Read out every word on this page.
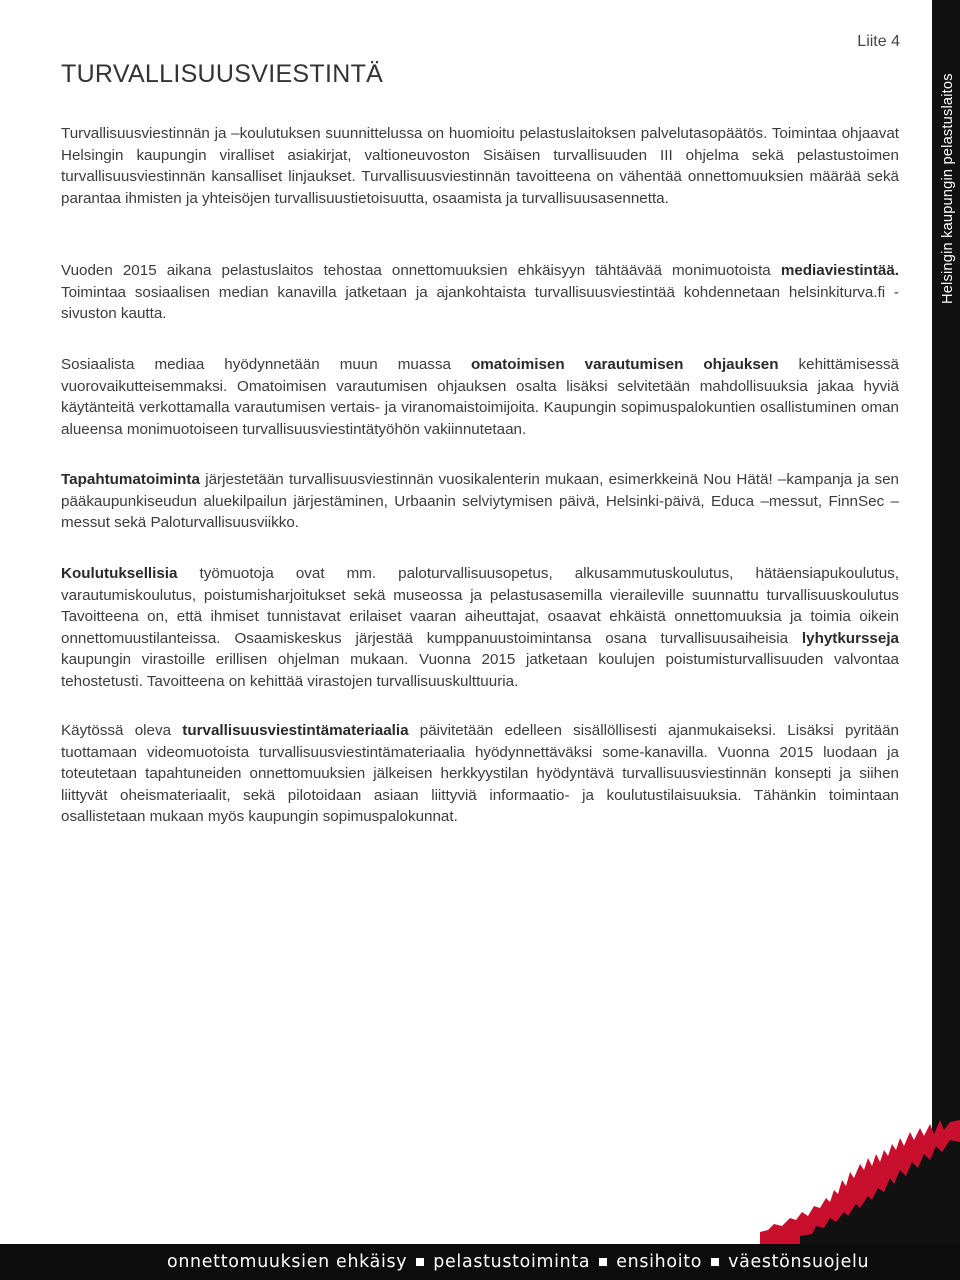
Liite 4
TURVALLISUUSVIESTINTÄ
Turvallisuusviestinnän ja –koulutuksen suunnittelussa on huomioitu pelastuslaitoksen palvelutasopäätös. Toimintaa ohjaavat Helsingin kaupungin viralliset asiakirjat, valtioneuvoston Sisäisen turvallisuuden III ohjelma sekä pelastustoimen turvallisuusviestinnän kansalliset linjaukset. Turvallisuusviestinnän tavoitteena on vähentää onnettomuuksien määrää sekä parantaa ihmisten ja yhteisöjen turvallisuustietoisuutta, osaamista ja turvallisuusasennetta.
Vuoden 2015 aikana pelastuslaitos tehostaa onnettomuuksien ehkäisyyn tähtäävää monimuotoista mediaviestintää. Toimintaa sosiaalisen median kanavilla jatketaan ja ajankohtaista turvallisuusviestintää kohdennetaan helsinkiturva.fi -sivuston kautta.
Sosiaalista mediaa hyödynnetään muun muassa omatoimisen varautumisen ohjauksen kehittämisessä vuorovaikutteisemmaksi. Omatoimisen varautumisen ohjauksen osalta lisäksi selvitetään mahdollisuuksia jakaa hyviä käytänteitä verkottamalla varautumisen vertais- ja viranomaistoimijoita. Kaupungin sopimuspalokuntien osallistuminen oman alueensa monimuotoiseen turvallisuusviestintätyöhön vakiinnutetaan.
Tapahtumatoiminta järjestetään turvallisuusviestinnän vuosikalenterin mukaan, esimerkkeinä Nou Hätä! –kampanja ja sen pääkaupunkiseudun aluekilpailun järjestäminen, Urbaanin selviytymisen päivä, Helsinki-päivä, Educa –messut, FinnSec –messut sekä Paloturvallisuusviikko.
Koulutuksellisia työmuotoja ovat mm. paloturvallisuusopetus, alkusammutuskoulutus, hätäensiapukoulutus, varautumiskoulutus, poistumisharjoitukset sekä museossa ja pelastusasemilla vieraileville suunnattu turvallisuuskoulutus Tavoitteena on, että ihmiset tunnistavat erilaiset vaaran aiheuttajat, osaavat ehkäistä onnettomuuksia ja toimia oikein onnettomuustilanteissa. Osaamiskeskus järjestää kumppanuustoimintansa osana turvallisuusaiheisia lyhytkursseja kaupungin virastoille erillisen ohjelman mukaan. Vuonna 2015 jatketaan koulujen poistumisturvallisuuden valvontaa tehostetusti. Tavoitteena on kehittää virastojen turvallisuuskulttuuria.
Käytössä oleva turvallisuusviestintämateriaalia päivitetään edelleen sisällöllisesti ajanmukaiseksi. Lisäksi pyritään tuottamaan videomuotoista turvallisuusviestintämateriaalia hyödynnettäväksi some-kanavilla. Vuonna 2015 luodaan ja toteutetaan tapahtuneiden onnettomuuksien jälkeisen herkkyystilan hyödyntävä turvallisuusviestinnän konsepti ja siihen liittyvät oheismateriaalit, sekä pilotoidaan asiaan liittyviä informaatio- ja koulutustilaisuuksia. Tähänkin toimintaan osallistetaan mukaan myös kaupungin sopimuspalokunnat.
Helsingin kaupungin pelastuslaitos
onnettomuuksien ehkäisy pelastustoiminta ensihoito väestönsuojelu
